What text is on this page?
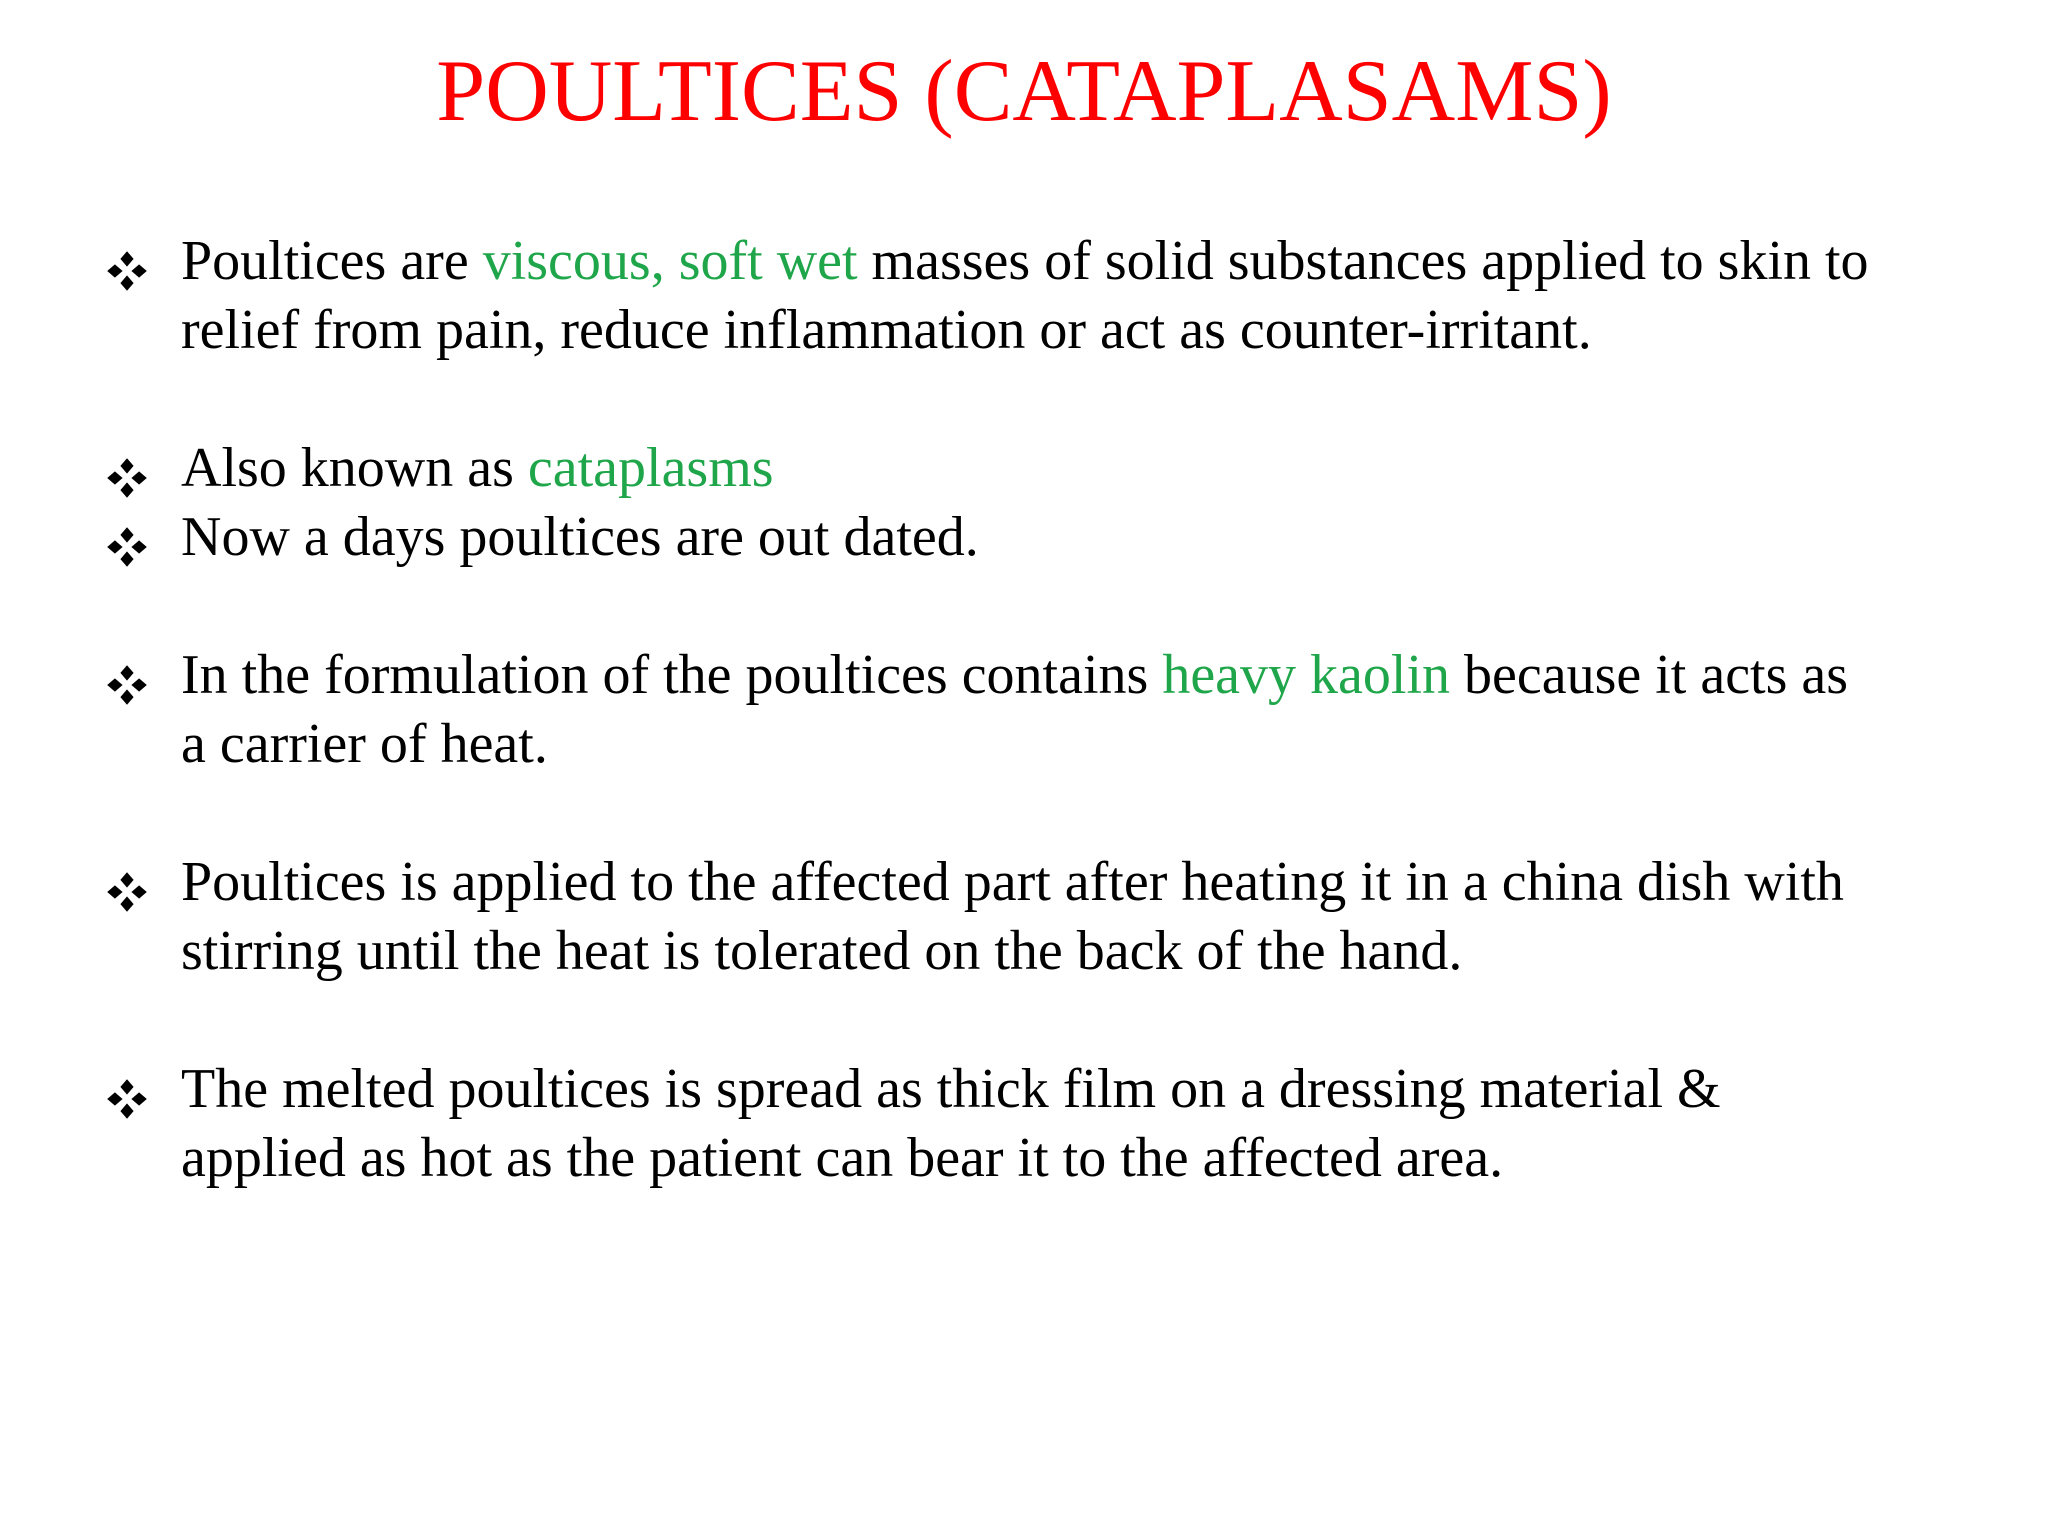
POULTICES (CATAPLASAMS)
Poultices are viscous, soft wet masses of solid substances applied to skin to relief from pain, reduce inflammation or act as counter-irritant.
Also known as cataplasms
Now a days poultices are out dated.
In the formulation of the poultices contains heavy kaolin because it acts as a carrier of heat.
Poultices is applied to the affected part after heating it in a china dish with stirring until the heat is tolerated on the back of the hand.
The melted poultices is spread as thick film on a dressing material & applied as hot as the patient can bear it to the affected area.
